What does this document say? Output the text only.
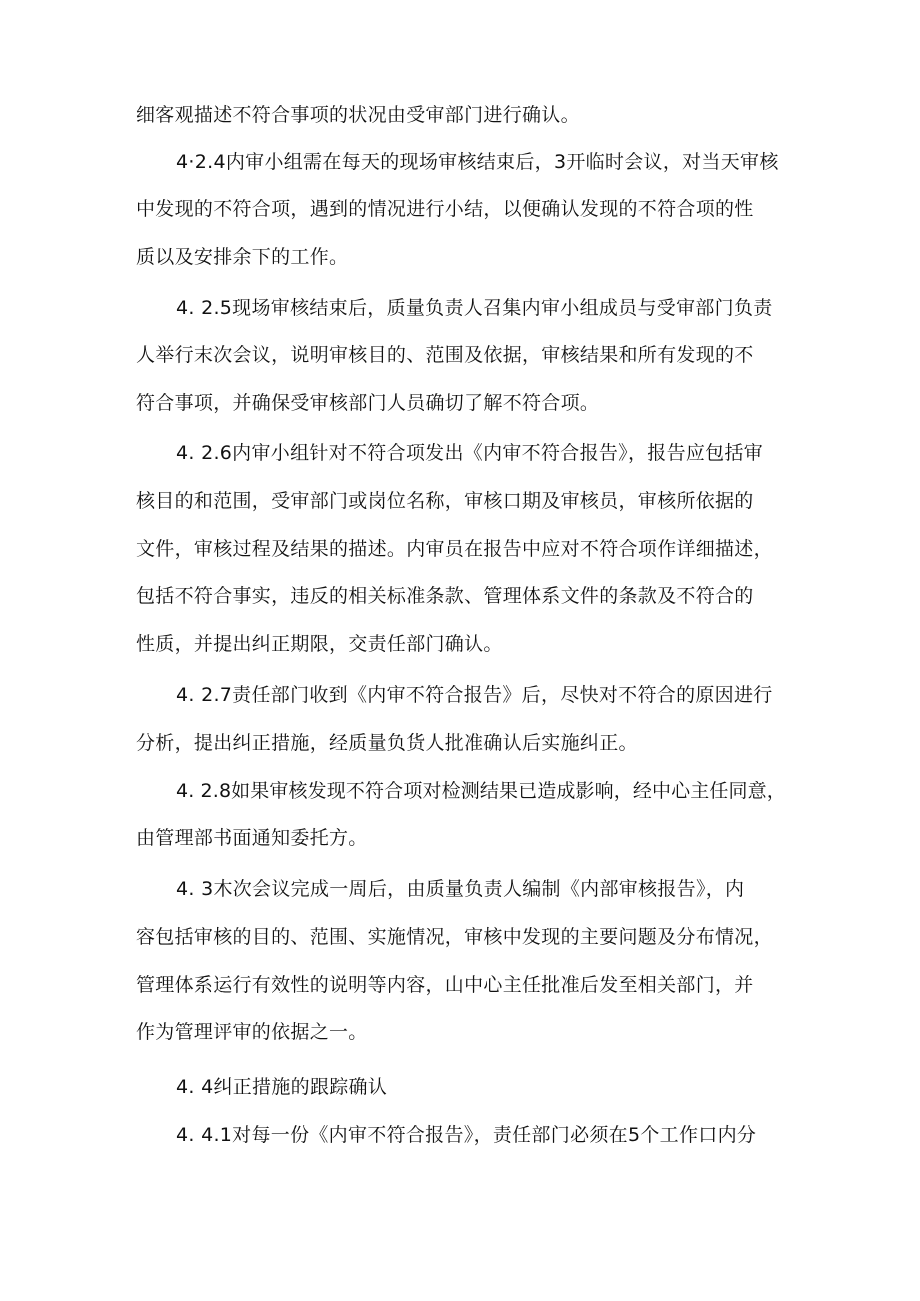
细客观描述不符合事项的状况由受审部门进行确认。
4·2.4内审小组需在每天的现场审核结束后，3开临时会议，对当天审核
中发现的不符合项，遇到的情况进行小结，以便确认发现的不符合项的性
质以及安排余下的工作。
4. 2.5现场审核结束后，质量负责人召集内审小组成员与受审部门负责
人举行末次会议，说明审核目的、范围及依据，审核结果和所有发现的不
符合事项，并确保受审核部门人员确切了解不符合项。
4. 2.6内审小组针对不符合项发出《内审不符合报告》，报告应包括审
核目的和范围，受审部门或岗位名称，审核口期及审核员，审核所依据的
文件，审核过程及结果的描述。内审员在报告中应对不符合项作详细描述，
包括不符合事实，违反的相关标准条款、管理体系文件的条款及不符合的
性质，并提出纠正期限，交责任部门确认。
4. 2.7责任部门收到《内审不符合报告》后，尽快对不符合的原因进行
分析，提出纠正措施，经质量负货人批准确认后实施纠正。
4. 2.8如果审核发现不符合项对检测结果已造成影响，经中心主任同意，
由管理部书面通知委托方。
4. 3木次会议完成一周后，由质量负责人编制《内部审核报告》，内
容包括审核的目的、范围、实施情况，审核中发现的主要问题及分布情况，
管理体系运行有效性的说明等内容，山中心主任批准后发至相关部门，并
作为管理评审的依据之一。
4. 4纠正措施的跟踪确认
4. 4.1对每一份《内审不符合报告》，责任部门必须在5个工作口内分
